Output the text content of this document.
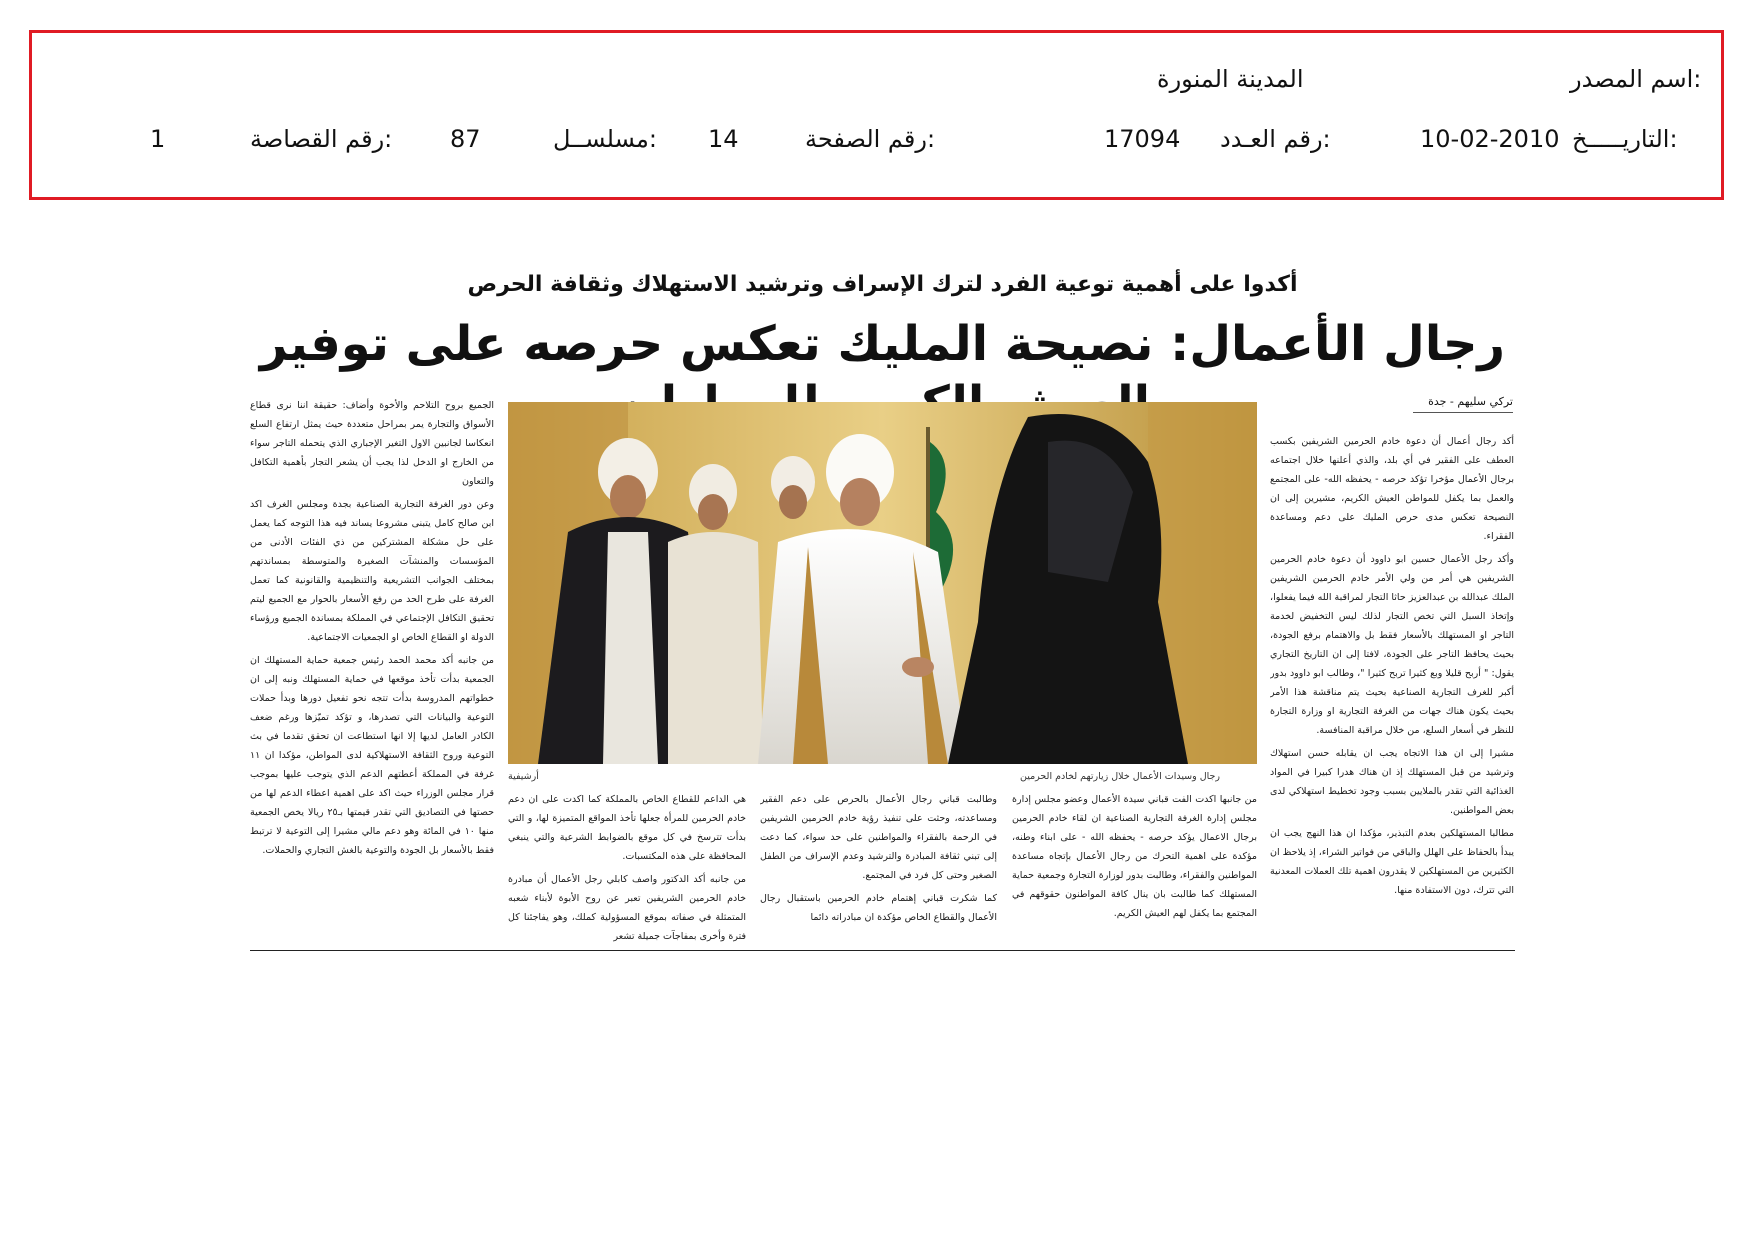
اسم المصدر:
المدينة المنورة
التاريـــــخ:
10-02-2010
رقم العـدد:
17094
رقم الصفحة:
14
مسلســل:
87
رقم القصاصة:
1
أكدوا على أهمية توعية الفرد لترك الإسراف وترشيد الاستهلاك وثقافة الحرص
رجال الأعمال: نصيحة المليك تعكس حرصه على توفير
تركي سليهم - جدة

أكد رجال أعمال أن دعوة خادم الحرمين الشريفين بكسب العطف على الفقير في أي بلد، والذي أعلنها خلال اجتماعه برجال الأعمال مؤخرا تؤكد حرصه - يحفظه الله- على المجتمع والعمل بما يكفل للمواطن العيش الكريم، مشيرين إلى ان النصيحة تعكس مدى حرص المليك على دعم ومساعدة الفقراء.

وأكد رجل الأعمال حسين ابو داوود أن دعوة خادم الحرمين الشريفين هي أمر من ولي الأمر خادم الحرمين الشريفين الملك عبدالله بن عبدالعزيز حاثا التجار لمراقبة الله فيما يفعلوا، وإتخاذ السبل التي تخص التجار لذلك ليس التخفيض لخدمة التاجر او المستهلك بالأسعار فقط بل والاهتمام برفع الجودة، بحيث يحافظ التاجر على الجودة، لافتا إلى ان التاريخ التجاري يقول: " أربح قليلا وبع كثيرا تربح كثيرا "، وطالب ابو داوود بدور أكبر للغرف التجارية الصناعية بحيث يتم مناقشة هذا الأمر بحيث يكون هناك جهات من الغرفة التجارية او وزارة التجارة للنظر في أسعار السلع، من خلال مراقبة المنافسة.

مشيرا إلى ان هذا الاتجاه يجب ان يقابله حسن استهلاك وترشيد من قبل المستهلك إذ ان هناك هدرا كبيرا في المواد الغذائية التي تقدر بالملايين بسبب وجود تخطيط استهلاكي لدى بعض المواطنين.

مطالبا المستهلكين بعدم التبذير، مؤكدا ان هذا النهج يجب ان يبدأ بالحفاظ على الهلل والباقي من فواتير الشراء، إذ يلاحظ ان الكثيرين من المستهلكين لا يقدرون اهمية تلك العملات المعدنية التي تترك، دون الاستفادة منها.

الجميع بروح التلاحم والأخوة وأضاف: حقيقة اننا نرى قطاع الأسواق والتجارة يمر بمراحل متعددة حيث يمثل ارتفاع السلع انعكاسا لجانبين الاول التغير الإجباري الذي يتحمله التاجر سواء من الخارج او الدخل لذا يجب أن يشعر التجار بأهمية التكافل والتعاون

وعن دور الغرفة التجارية الصناعية بجدة ومجلس الغرف اكد ابن صالح كامل يتبنى مشروعا يساند فيه هذا التوجه كما يعمل على حل مشكلة المشتركين من ذي الفئات الأدنى من المؤسسات والمنشآت الصغيرة والمتوسطة بمساندتهم بمختلف الجوانب التشريعية والتنظيمية والقانونية كما تعمل الغرفة على طرح الحد من رفع الأسعار بالحوار مع الجميع ليتم تحقيق التكافل الإجتماعي في المملكة بمساندة الجميع ورؤساء الدولة او القطاع الخاص او الجمعيات الاجتماعية.

من جانبه أكد محمد الحمد رئيس جمعية حماية المستهلك ان الجمعية بدأت تأخذ موقعها في حماية المستهلك ونبه إلى ان خطواتهم المدروسة بدأت تتجه نحو تفعيل دورها وبدأ حملات التوعية والبيانات التي تصدرها، و تؤكد تميّزها ورغم ضعف الكادر العامل لديها إلا انها استطاعت ان تحقق تقدما في بث التوعية وروح الثقافة الاستهلاكية لدى المواطن، مؤكدا ان ١١ غرفة في المملكة أعطتهم الدعم الذي يتوجب عليها بموجب قرار مجلس الوزراء حيث اكد على اهمية اعطاء الدعم لها من حصتها في التصاديق التي تقدر قيمتها بـ٢٥ ريالا يخص الجمعية منها ١٠ في المائة وهو دعم مالي مشيرا إلى التوعية لا ترتبط فقط بالأسعار بل الجودة والتوعية بالغش التجاري والحملات.

رجال وسيدات الأعمال خلال زيارتهم لخادم الحرمين
أرشيفية

من جانبها اكدت الفت قباني سيدة الأعمال وعضو مجلس إدارة مجلس إدارة الغرفة التجارية الصناعية ان لقاء خادم الحرمين برجال الاعمال يؤكد حرصه - يحفظه الله - على ابناء وطنه، مؤكدة على اهمية التحرك من رجال الأعمال بإتجاه مساعدة المواطنين والفقراء، وطالبت بدور لوزارة التجارة وجمعية حماية المستهلك كما طالبت بان ينال كافة المواطنون حقوقهم في المجتمع بما يكفل لهم العيش الكريم.

وطالبت قباني رجال الأعمال بالحرص على دعم الفقير ومساعدته، وحثت على تنفيذ رؤية خادم الحرمين الشريفين في الرحمة بالفقراء والمواطنين على حد سواء، كما دعت إلى تبني ثقافة المبادرة والترشيد وعدم الإسراف من الطفل الصغير وحتى كل فرد في المجتمع.

كما شكرت قباني إهتمام خادم الحرمين باستقبال رجال الأعمال والقطاع الخاص مؤكدة ان مبادراته دائما

هي الداعم للقطاع الخاص بالمملكة كما اكدت على ان دعم خادم الحرمين للمرأة جعلها تأخذ المواقع المتميزة لها، و التي بدأت تترسخ في كل موقع بالضوابط الشرعية والتي ينبغي المحافظة على هذه المكتسبات.

من جانبه أكد الدكتور واصف كابلي رجل الأعمال أن مبادرة خادم الحرمين الشريفين تعبر عن روح الأبوة لأبناء شعبه المتمثلة في صفاته بموقع المسؤولية كملك، وهو يفاجئنا كل فترة وأخرى بمفاجآت جميلة تشعر
